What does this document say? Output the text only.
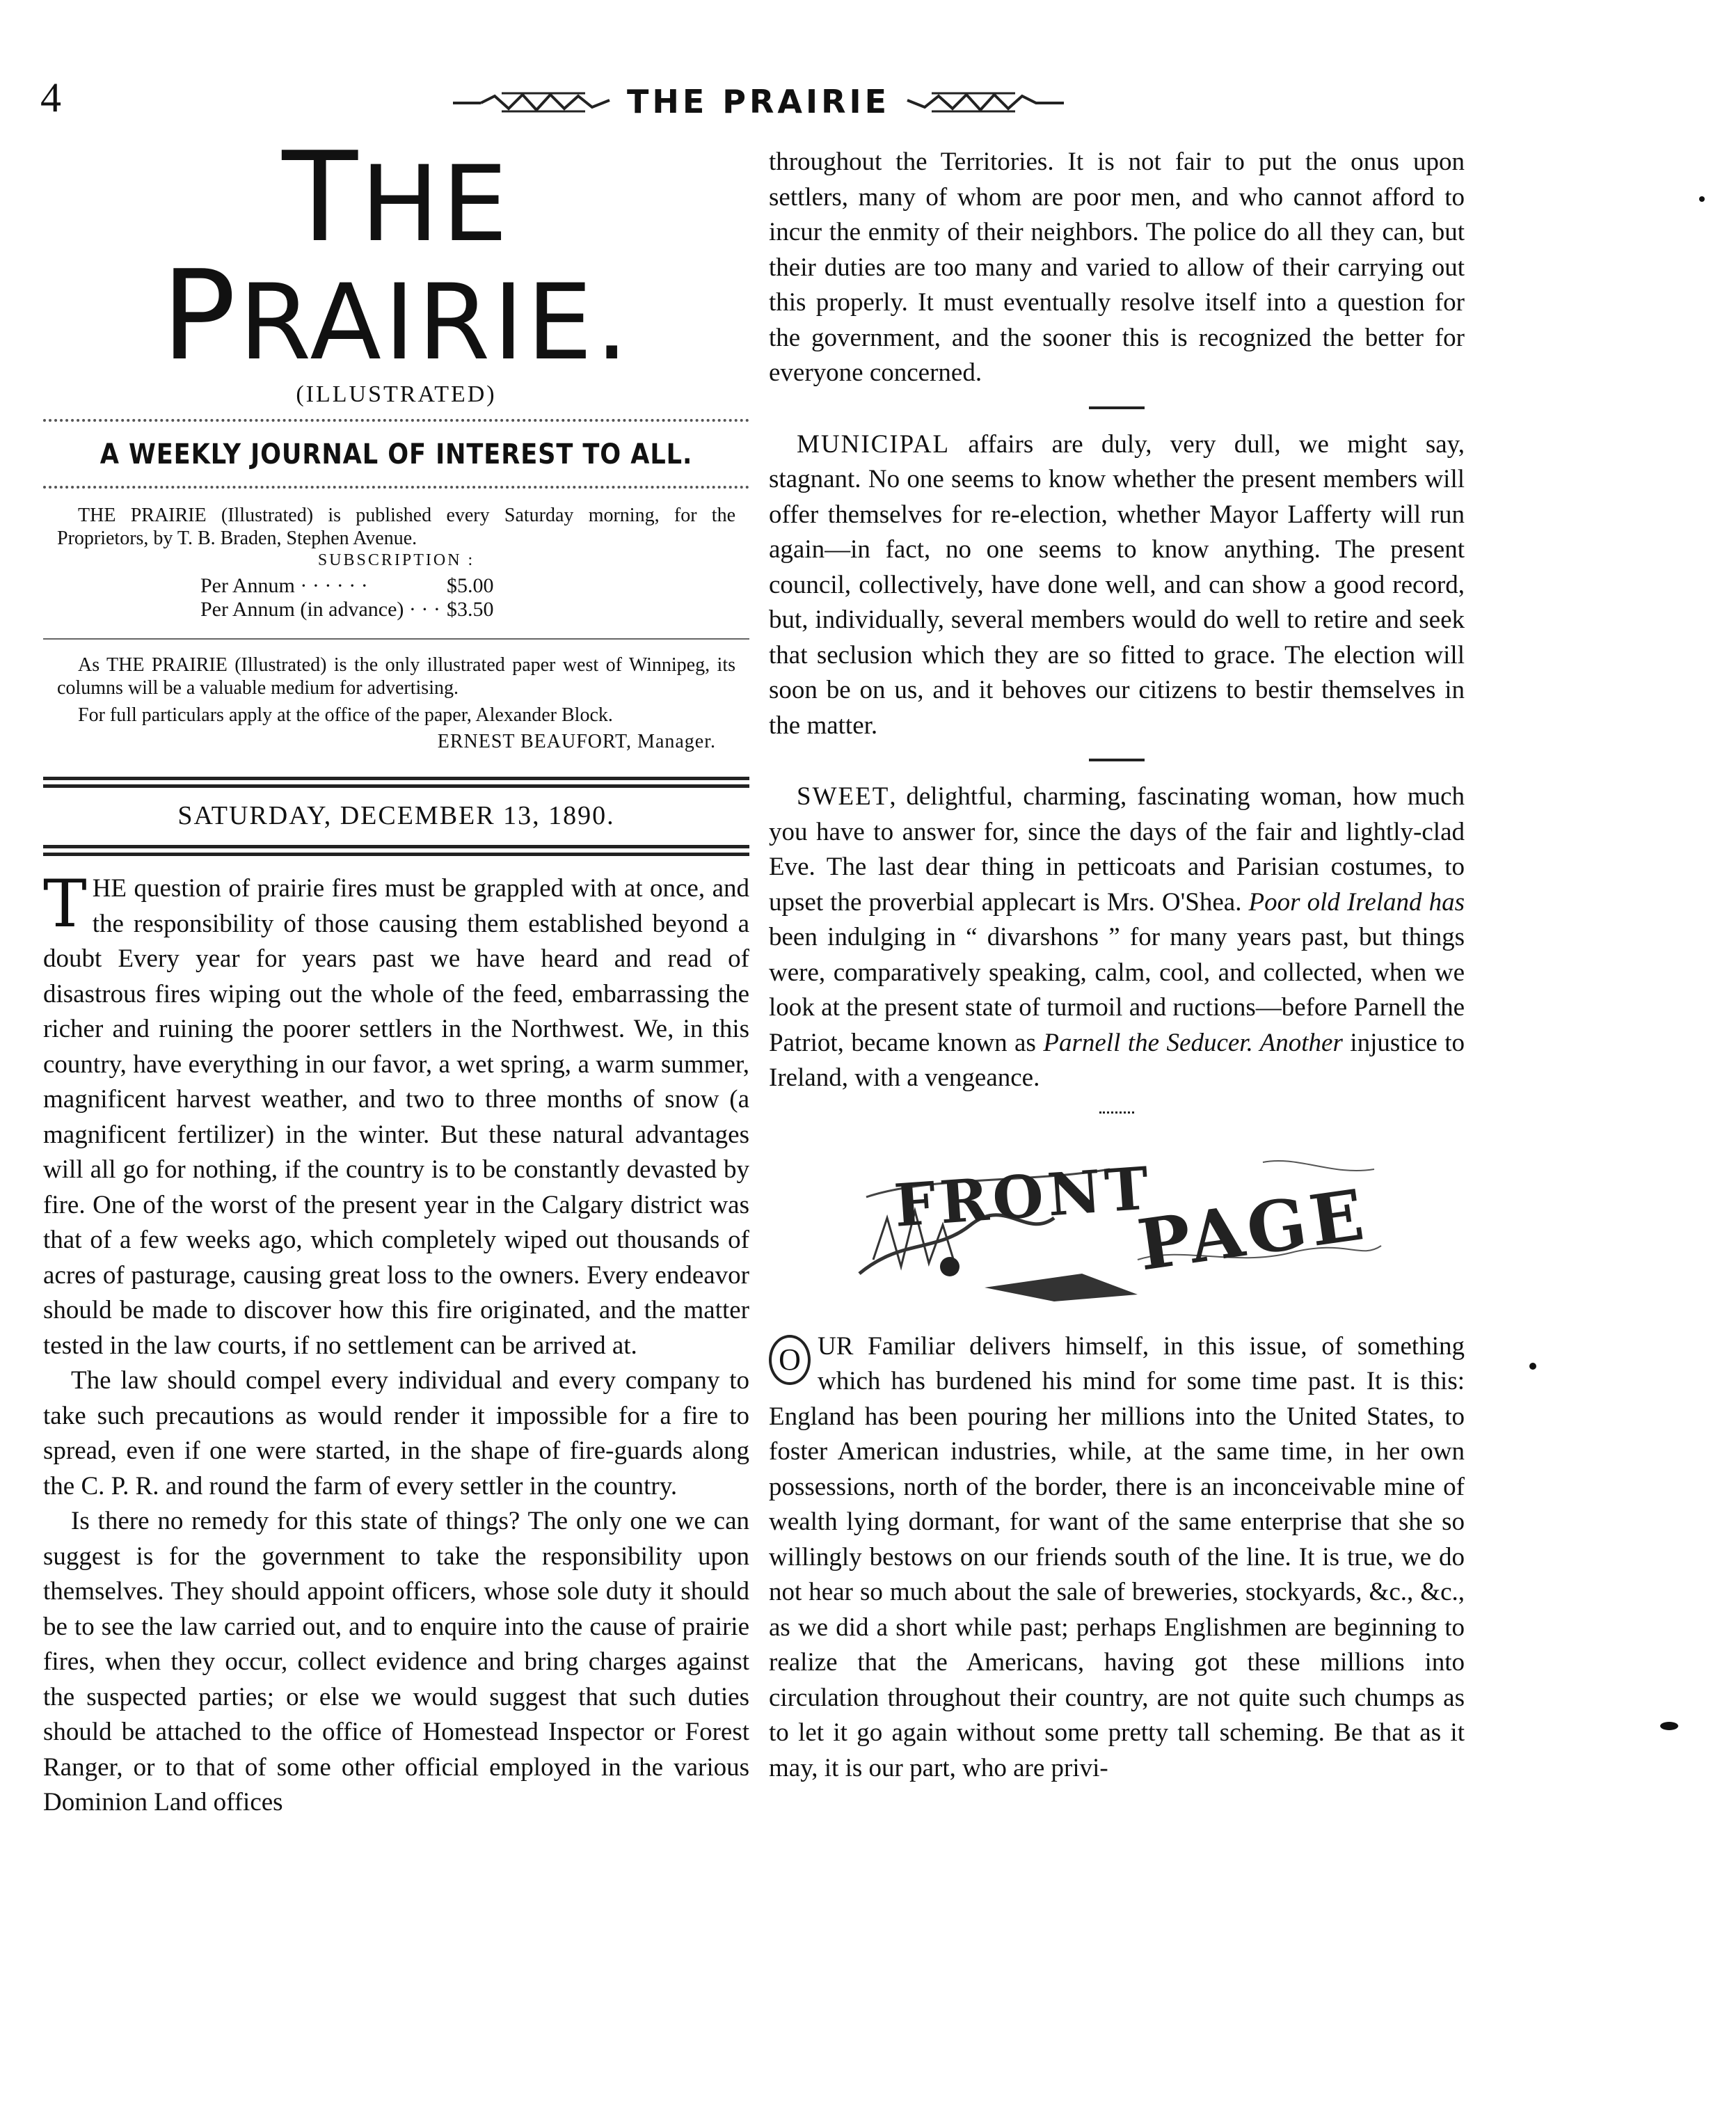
4	THE PRAIRIE
THE PRAIRIE.
(ILLUSTRATED)
A WEEKLY JOURNAL OF INTEREST TO ALL.

THE PRAIRIE (Illustrated) is published every Saturday morning, for the Proprietors, by T. B. Braden, Stephen Avenue.

SUBSCRIPTION :
Per Annum · · · · · ·	$5.00
Per Annum (in advance) · · · $3.50

As THE PRAIRIE (Illustrated) is the only illustrated paper west of Winnipeg, its columns will be a valuable medium for advertising.

For full particulars apply at the office of the paper, Alexander Block.

ERNEST BEAUFORT, Manager.
SATURDAY, DECEMBER 13, 1890.

THE question of prairie fires must be grappled with at once, and the responsibility of those causing them established beyond a doubt Every year for years past we have heard and read of disastrous fires wiping out the whole of the feed, embarrassing the richer and ruining the poorer settlers in the Northwest. We, in this country, have everything in our favor, a wet spring, a warm summer, magnificent harvest weather, and two to three months of snow (a magnificent fertilizer) in the winter. But these natural advantages will all go for nothing, if the country is to be constantly devasted by fire. One of the worst of the present year in the Calgary district was that of a few weeks ago, which completely wiped out thousands of acres of pasturage, causing great loss to the owners. Every endeavor should be made to discover how this fire originated, and the matter tested in the law courts, if no settlement can be arrived at.

The law should compel every individual and every company to take such precautions as would render it impossible for a fire to spread, even if one were started, in the shape of fire-guards along the C. P. R. and round the farm of every settler in the country.

Is there no remedy for this state of things? The only one we can suggest is for the government to take the responsibility upon themselves. They should appoint officers, whose sole duty it should be to see the law carried out, and to enquire into the cause of prairie fires, when they occur, collect evidence and bring charges against the suspected parties; or else we would suggest that such duties should be attached to the office of Homestead Inspector or Forest Ranger, or to that of some other official employed in the various Dominion Land offices

throughout the Territories. It is not fair to put the onus upon settlers, many of whom are poor men, and who cannot afford to incur the enmity of their neighbors. The police do all they can, but their duties are too many and varied to allow of their carrying out this properly. It must eventually resolve itself into a question for the government, and the sooner this is recognized the better for everyone concerned.

MUNICIPAL affairs are duly, very dull, we might say, stagnant. No one seems to know whether the present members will offer themselves for re-election, whether Mayor Lafferty will run again—in fact, no one seems to know anything. The present council, collectively, have done well, and can show a good record, but, individually, several members would do well to retire and seek that seclusion which they are so fitted to grace. The election will soon be on us, and it behoves our citizens to bestir themselves in the matter.

SWEET, delightful, charming, fascinating woman, how much you have to answer for, since the days of the fair and lightly-clad Eve. The last dear thing in petticoats and Parisian costumes, to upset the proverbial applecart is Mrs. O'Shea. Poor old Ireland has been indulging in “ divarshons ” for many years past, but things were, comparatively speaking, calm, cool, and collected, when we look at the present state of turmoil and ructions—before Parnell the Patriot, became known as Parnell the Seducer. Another injustice to Ireland, with a vengeance.

FRONT
PAGE

O UR Familiar delivers himself, in this issue, of something which has burdened his mind for some time past. It is this: England has been pouring her millions into the United States, to foster American industries, while, at the same time, in her own possessions, north of the border, there is an inconceivable mine of wealth lying dormant, for want of the same enterprise that she so willingly bestows on our friends south of the line. It is true, we do not hear so much about the sale of breweries, stockyards, &c., &c., as we did a short while past; perhaps Englishmen are beginning to realize that the Americans, having got these millions into circulation throughout their country, are not quite such chumps as to let it go again without some pretty tall scheming. Be that as it may, it is our part, who are privi-
